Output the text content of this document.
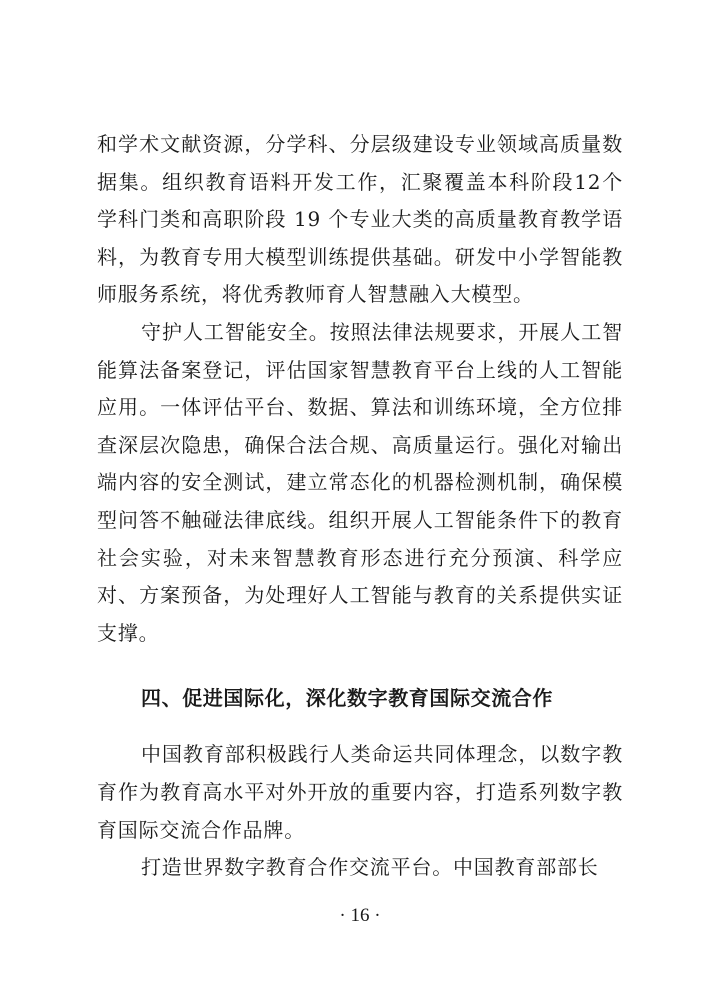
和学术文献资源，分学科、分层级建设专业领域高质量数据集。组织教育语料开发工作，汇聚覆盖本科阶段12个学科门类和高职阶段 19 个专业大类的高质量教育教学语料，为教育专用大模型训练提供基础。研发中小学智能教师服务系统，将优秀教师育人智慧融入大模型。

守护人工智能安全。按照法律法规要求，开展人工智能算法备案登记，评估国家智慧教育平台上线的人工智能应用。一体评估平台、数据、算法和训练环境，全方位排查深层次隐患，确保合法合规、高质量运行。强化对输出端内容的安全测试，建立常态化的机器检测机制，确保模型问答不触碰法律底线。组织开展人工智能条件下的教育社会实验，对未来智慧教育形态进行充分预演、科学应对、方案预备，为处理好人工智能与教育的关系提供实证支撑。

四、促进国际化，深化数字教育国际交流合作

中国教育部积极践行人类命运共同体理念，以数字教育作为教育高水平对外开放的重要内容，打造系列数字教育国际交流合作品牌。

打造世界数字教育合作交流平台。中国教育部部长

· 16 ·
